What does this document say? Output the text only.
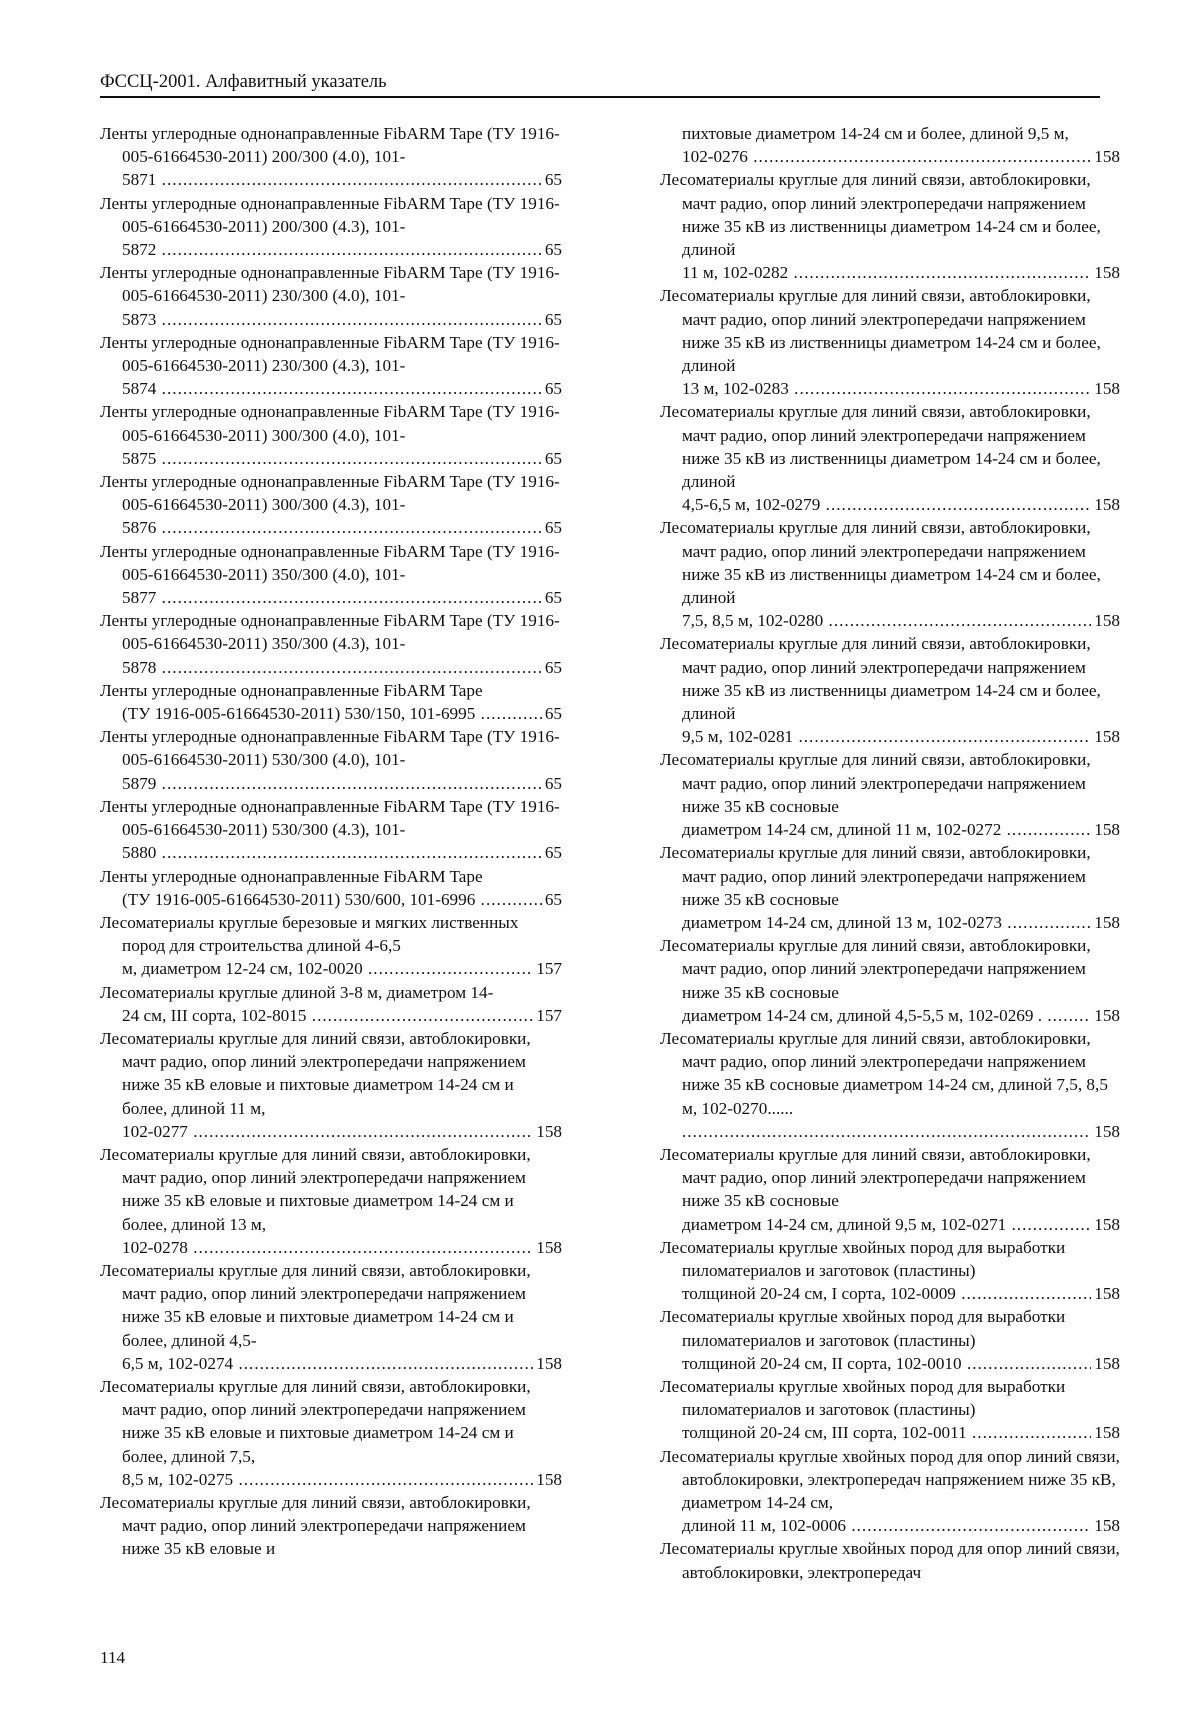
ФССЦ-2001. Алфавитный указатель

Ленты углеродные однонаправленные FibARM Tape (ТУ 1916-005-61664530-2011) 200/300 (4.0), 101-
65
5871 .....

Ленты углеродные однонаправленные FibARM Tape (ТУ 1916-005-61664530-2011) 200/300 (4.3), 101-
65
5872 .....

Ленты углеродные однонаправленные FibARM Tape (ТУ 1916-005-61664530-2011) 230/300 (4.0), 101-
65
5873 .....

Ленты углеродные однонаправленные FibARM Tape (ТУ 1916-005-61664530-2011) 230/300 (4.3), 101-
65
5874 .....

Ленты углеродные однонаправленные FibARM Tape (ТУ 1916-005-61664530-2011) 300/300 (4.0), 101-
65
5875 .....

Ленты углеродные однонаправленные FibARM Tape (ТУ 1916-005-61664530-2011) 300/300 (4.3), 101-
65
5876 .....

Ленты углеродные однонаправленные FibARM Tape (ТУ 1916-005-61664530-2011) 350/300 (4.0), 101-
65
5877 .....

Ленты углеродные однонаправленные FibARM Tape (ТУ 1916-005-61664530-2011) 350/300 (4.3), 101-
65
5878 .....

Ленты углеродные однонаправленные FibARM Tape
65
(ТУ 1916-005-61664530-2011) 530/150, 101-6995 .....

Ленты углеродные однонаправленные FibARM Tape (ТУ 1916-005-61664530-2011) 530/300 (4.0), 101-
65
5879 .....

Ленты углеродные однонаправленные FibARM Tape (ТУ 1916-005-61664530-2011) 530/300 (4.3), 101-
65
5880 .....

Ленты углеродные однонаправленные FibARM Tape
65
(ТУ 1916-005-61664530-2011) 530/600, 101-6996 .....

Лесоматериалы круглые березовые и мягких лиственных пород для строительства длиной 4-6,5
157
м, диаметром 12-24 см, 102-0020 .....

Лесоматериалы круглые длиной 3-8 м, диаметром 14-
157
24 см, III сорта, 102-8015 .....

Лесоматериалы круглые для линий связи, автоблокировки, мачт радио, опор линий электропередачи напряжением ниже 35 кВ еловые и пихтовые диаметром 14-24 см и более, длиной 11 м,
158
102-0277 .....

Лесоматериалы круглые для линий связи, автоблокировки, мачт радио, опор линий электропередачи напряжением ниже 35 кВ еловые и пихтовые диаметром 14-24 см и более, длиной 13 м,
158
102-0278 .....

Лесоматериалы круглые для линий связи, автоблокировки, мачт радио, опор линий электропередачи напряжением ниже 35 кВ еловые и пихтовые диаметром 14-24 см и более, длиной 4,5-
158
6,5 м, 102-0274 .....

Лесоматериалы круглые для линий связи, автоблокировки, мачт радио, опор линий электропередачи напряжением ниже 35 кВ еловые и пихтовые диаметром 14-24 см и более, длиной 7,5,
158
8,5 м, 102-0275 .....

Лесоматериалы круглые для линий связи, автоблокировки, мачт радио, опор линий электропередачи напряжением ниже 35 кВ еловые и

пихтовые диаметром 14-24 см и более, длиной 9,5 м,
158
102-0276 .....

Лесоматериалы круглые для линий связи, автоблокировки, мачт радио, опор линий электропередачи напряжением ниже 35 кВ из лиственницы диаметром 14-24 см и более, длиной
158
11 м, 102-0282 .....

Лесоматериалы круглые для линий связи, автоблокировки, мачт радио, опор линий электропередачи напряжением ниже 35 кВ из лиственницы диаметром 14-24 см и более, длиной
158
13 м, 102-0283 .....

Лесоматериалы круглые для линий связи, автоблокировки, мачт радио, опор линий электропередачи напряжением ниже 35 кВ из лиственницы диаметром 14-24 см и более, длиной
158
4,5-6,5 м, 102-0279 .....

Лесоматериалы круглые для линий связи, автоблокировки, мачт радио, опор линий электропередачи напряжением ниже 35 кВ из лиственницы диаметром 14-24 см и более, длиной
158
7,5, 8,5 м, 102-0280 .....

Лесоматериалы круглые для линий связи, автоблокировки, мачт радио, опор линий электропередачи напряжением ниже 35 кВ из лиственницы диаметром 14-24 см и более, длиной
158
9,5 м, 102-0281 .....

Лесоматериалы круглые для линий связи, автоблокировки, мачт радио, опор линий электропередачи напряжением ниже 35 кВ сосновые
158
диаметром 14-24 см, длиной 11 м, 102-0272 .....

Лесоматериалы круглые для линий связи, автоблокировки, мачт радио, опор линий электропередачи напряжением ниже 35 кВ сосновые
158
диаметром 14-24 см, длиной 13 м, 102-0273 .....

Лесоматериалы круглые для линий связи, автоблокировки, мачт радио, опор линий электропередачи напряжением ниже 35 кВ сосновые
158
диаметром 14-24 см, длиной 4,5-5,5 м, 102-0269 . .....

Лесоматериалы круглые для линий связи, автоблокировки, мачт радио, опор линий электропередачи напряжением ниже 35 кВ сосновые диаметром 14-24 см, длиной 7,5, 8,5 м, 102-0270......
158
.....

Лесоматериалы круглые для линий связи, автоблокировки, мачт радио, опор линий электропередачи напряжением ниже 35 кВ сосновые
158
диаметром 14-24 см, длиной 9,5 м, 102-0271 .....

Лесоматериалы круглые хвойных пород для выработки пиломатериалов и заготовок (пластины)
158
толщиной 20-24 см, I сорта, 102-0009 .....

Лесоматериалы круглые хвойных пород для выработки пиломатериалов и заготовок (пластины)
158
толщиной 20-24 см, II сорта, 102-0010 .....

Лесоматериалы круглые хвойных пород для выработки пиломатериалов и заготовок (пластины)
158
толщиной 20-24 см, III сорта, 102-0011 .....

Лесоматериалы круглые хвойных пород для опор линий связи, автоблокировки, электропередач напряжением ниже 35 кВ, диаметром 14-24 см,
158
длиной 11 м, 102-0006 .....

Лесоматериалы круглые хвойных пород для опор линий связи, автоблокировки, электропередач

114
